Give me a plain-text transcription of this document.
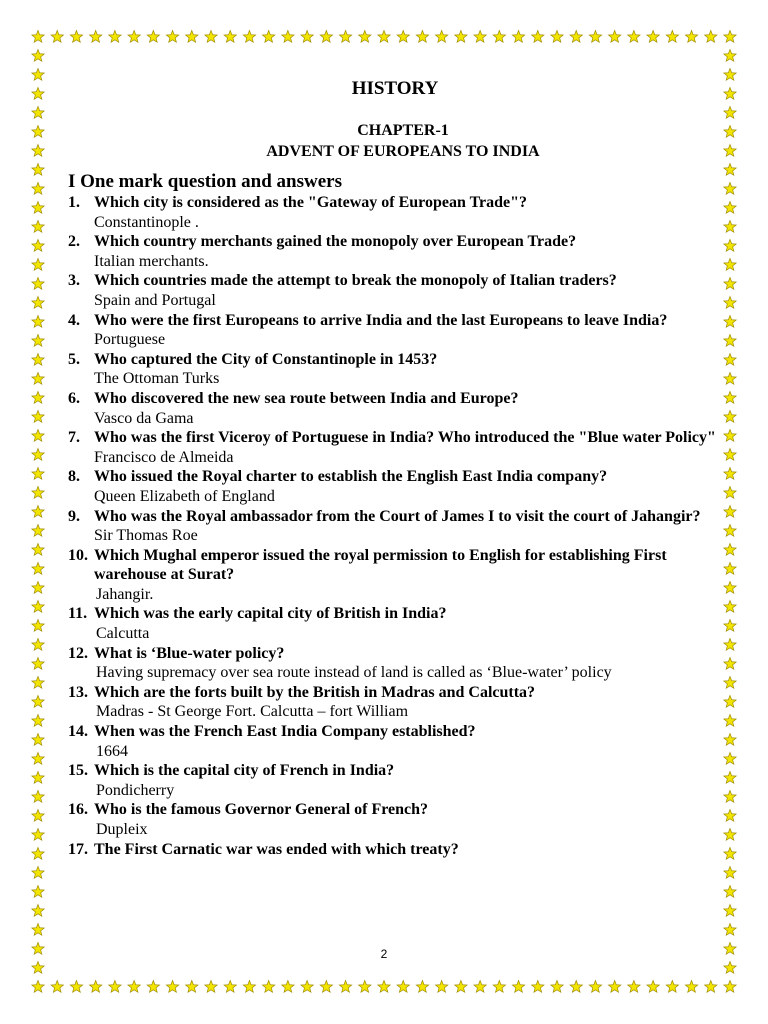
HISTORY
CHAPTER-1
ADVENT OF EUROPEANS TO INDIA
I One mark question and answers
1. Which city is considered as the "Gateway of European Trade"?
Constantinople .
2. Which country merchants gained the monopoly over European Trade?
Italian merchants.
3. Which countries made the attempt to break the monopoly of Italian traders?
Spain and Portugal
4. Who were the first Europeans to arrive India and the last Europeans to leave India?
Portuguese
5. Who captured the City of Constantinople in 1453?
The Ottoman Turks
6. Who discovered the new sea route between India and Europe?
Vasco da Gama
7. Who was the first Viceroy of Portuguese in India? Who introduced the "Blue water Policy"
Francisco de Almeida
8. Who issued the Royal charter to establish the English East India company?
Queen Elizabeth of England
9. Who was the Royal ambassador from the Court of James I to visit the court of Jahangir?
Sir Thomas Roe
10. Which Mughal emperor issued the royal permission to English for establishing First warehouse at Surat?
Jahangir.
11. Which was the early capital city of British in India?
Calcutta
12. What is ‘Blue-water policy?
Having supremacy over sea route instead of land is called as ‘Blue-water’ policy
13. Which are the forts built by the British in Madras and Calcutta?
Madras - St George Fort. Calcutta – fort William
14. When was the French East India Company established?
1664
15. Which is the capital city of French in India?
Pondicherry
16. Who is the famous Governor General of French?
Dupleix
17. The First Carnatic war was ended with which treaty?
2
